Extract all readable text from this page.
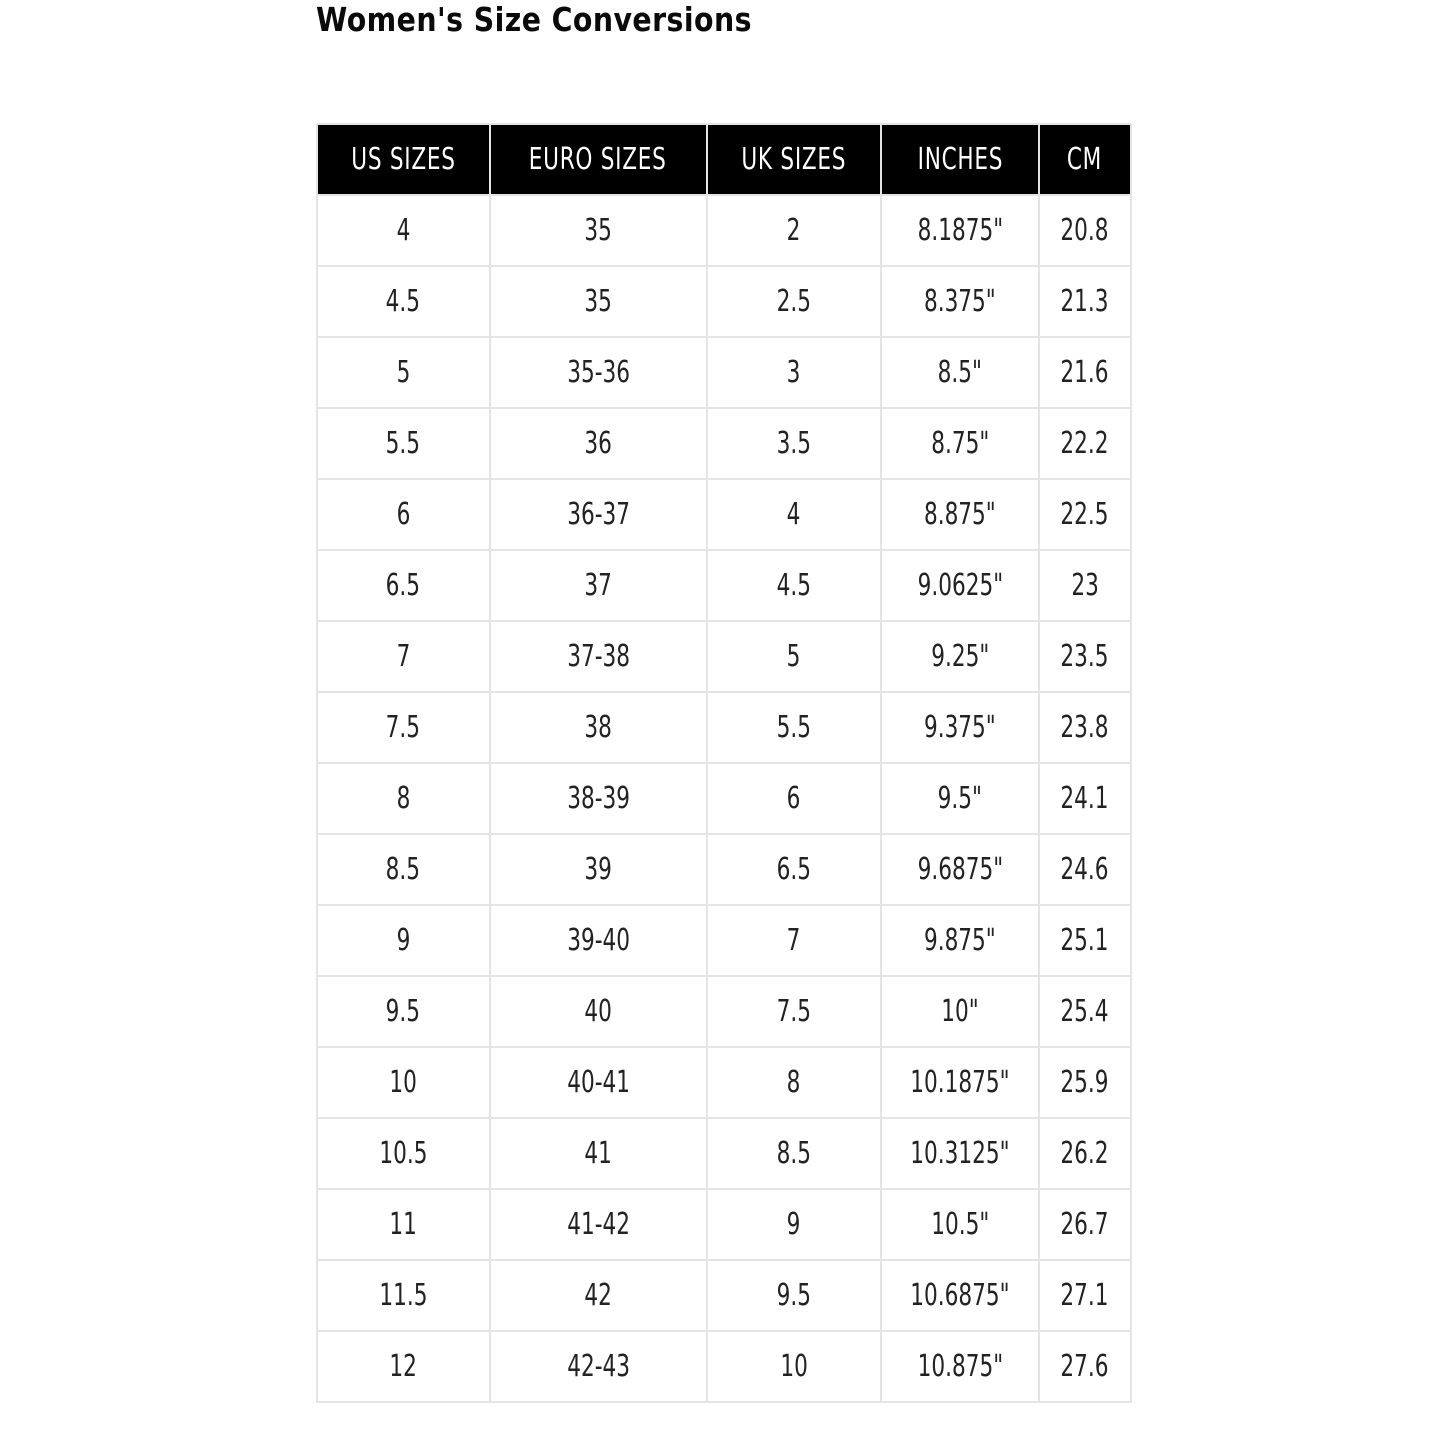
Women's Size Conversions
US SIZES	EURO SIZES	UK SIZES	INCHES	CM
4	35	2	8.1875"	20.8
4.5	35	2.5	8.375"	21.3
5	35-36	3	8.5"	21.6
5.5	36	3.5	8.75"	22.2
6	36-37	4	8.875"	22.5
6.5	37	4.5	9.0625"	23
7	37-38	5	9.25"	23.5
7.5	38	5.5	9.375"	23.8
8	38-39	6	9.5"	24.1
8.5	39	6.5	9.6875"	24.6
9	39-40	7	9.875"	25.1
9.5	40	7.5	10"	25.4
10	40-41	8	10.1875"	25.9
10.5	41	8.5	10.3125"	26.2
11	41-42	9	10.5"	26.7
11.5	42	9.5	10.6875"	27.1
12	42-43	10	10.875"	27.6
